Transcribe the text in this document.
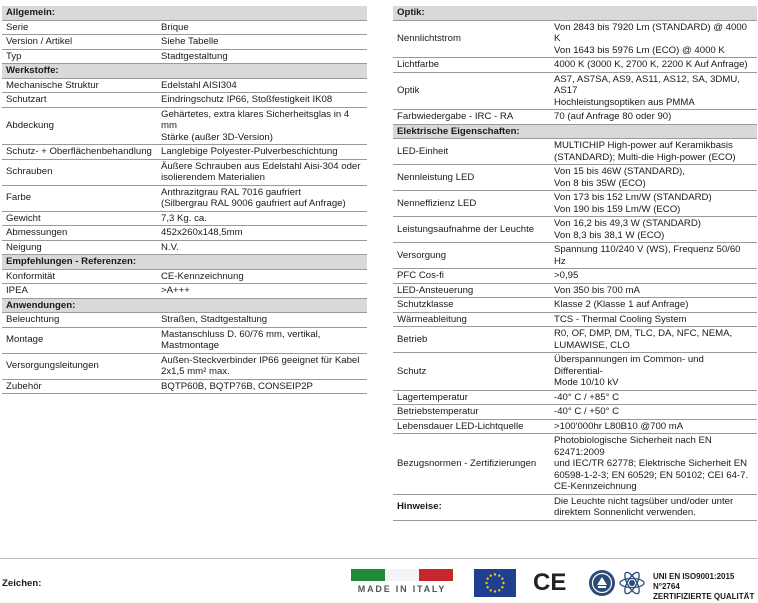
Allgemein:	
Serie	Brique

Version / Artikel	Siehe Tabelle

Typ	Stadtgestaltung

Werkstoffe:	
Mechanische Struktur	Edelstahl AISI304

Schutzart	Eindringschutz IP66, Stoßfestigkeit IK08

Abdeckung	Gehärtetes, extra klares Sicherheitsglas in 4 mm
Stärke (außer 3D-Version)

Schutz- + Oberflächenbehandlung	Langlebige Polyester-Pulverbeschichtung

Schrauben	Äußere Schrauben aus Edelstahl Aisi-304 oder
isolierendem Materialien

Farbe	Anthrazitgrau RAL 7016 gaufriert
(Silbergrau RAL 9006 gaufriert auf Anfrage)

Gewicht	7,3 Kg. ca.

Abmessungen	452x260x148,5mm

Neigung	N.V.

Empfehlungen - Referenzen:	
Konformität	CE-Kennzeichnung

IPEA	>A+++

Anwendungen:	
Beleuchtung	Straßen, Stadtgestaltung

Montage	Mastanschluss D. 60/76 mm, vertikal,
Mastmontage

Versorgungsleitungen	Außen-Steckverbinder IP66 geeignet für Kabel
2x1,5 mm² max.

Zubehör	BQTP60B, BQTP76B, CONSEIP2P
Optik:	
Nennlichtstrom	Von 2843 bis 7920 Lm (STANDARD) @ 4000 K
Von 1643 bis 5976 Lm (ECO) @ 4000 K

Lichtfarbe	4000 K (3000 K, 2700 K, 2200 K Auf Anfrage)

Optik	AS7, AS7SA, AS9, AS11, AS12, SA, 3DMU, AS17
Hochleistungsoptiken aus PMMA

Farbwiedergabe - IRC - RA	70 (auf Anfrage 80 oder 90)

Elektrische Eigenschaften:	
LED-Einheit	MULTICHIP High-power auf Keramikbasis
(STANDARD); Multi-die High-power (ECO)

Nennleistung LED	Von 15 bis 46W (STANDARD),
Von 8 bis 35W (ECO)

Nenneffizienz LED	Von 173 bis 152 Lm/W (STANDARD)
Von 190 bis 159 Lm/W (ECO)

Leistungsaufnahme der Leuchte	Von 16,2 bis 49,3 W (STANDARD)
Von 8,3 bis 38,1 W (ECO)

Versorgung	Spannung 110/240 V (WS), Frequenz 50/60 Hz

PFC Cos-fi	>0,95

LED-Ansteuerung	Von 350 bis 700 mA

Schutzklasse	Klasse 2 (Klasse 1 auf Anfrage)

Wärmeableitung	TCS - Thermal Cooling System

Betrieb	R0, OF, DMP, DM, TLC, DA, NFC, NEMA,
LUMAWISE, CLO

Schutz	Überspannungen im Common- und Differential-
Mode 10/10 kV

Lagertemperatur	-40° C / +85° C

Betriebstemperatur	-40° C / +50° C

Lebensdauer LED-Lichtquelle	>100'000hr L80B10 @700 mA

Bezugsnormen - Zertifizierungen	Photobiologische Sicherheit nach EN 62471:2009
und IEC/TR 62778; Elektrische Sicherheit EN
60598-1-2-3; EN 60529; EN 50102; CEI 64-7.
CE-Kennzeichnung

Hinweise:	Die Leuchte nicht tagsüber und/oder unter
direktem Sonnenlicht verwenden.
Zeichen:	MADE IN ITALY	CE	UNI EN ISO9001:2015 N°2764
ZERTIFIZIERTE QUALITÄT
